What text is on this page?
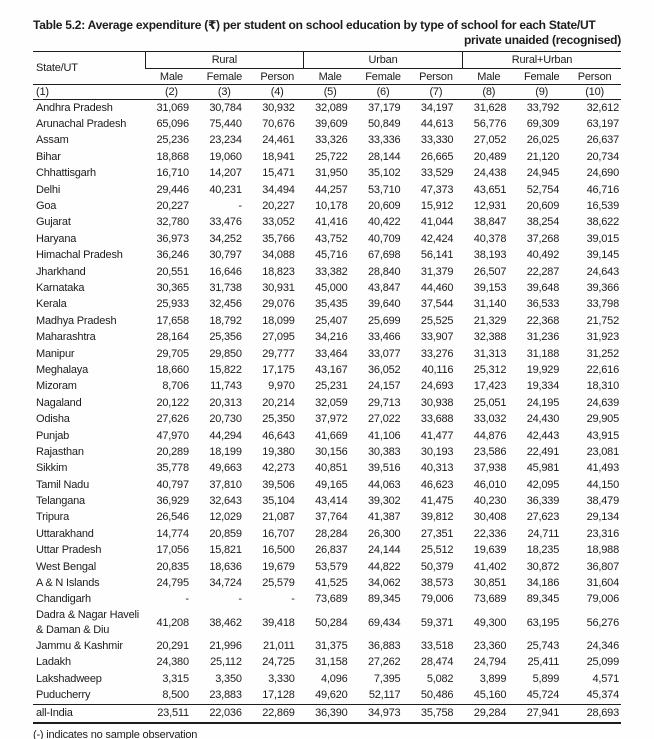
Table 5.2: Average expenditure (₹) per student on school education by type of school for each State/UT
private unaided (recognised)
State/UT	Rural			Urban			Rural+Urban		
	Male	Female	Person	Male	Female	Person	Male	Female	Person
(1)	(2)	(3)	(4)	(5)	(6)	(7)	(8)	(9)	(10)
Andhra Pradesh	31,069	30,784	30,932	32,089	37,179	34,197	31,628	33,792	32,612
Arunachal Pradesh	65,096	75,440	70,676	39,609	50,849	44,613	56,776	69,309	63,197
Assam	25,236	23,234	24,461	33,326	33,336	33,330	27,052	26,025	26,637
Bihar	18,868	19,060	18,941	25,722	28,144	26,665	20,489	21,120	20,734
Chhattisgarh	16,710	14,207	15,471	31,950	35,102	33,529	24,438	24,945	24,690
Delhi	29,446	40,231	34,494	44,257	53,710	47,373	43,651	52,754	46,716
Goa	20,227	-	20,227	10,178	20,609	15,912	12,931	20,609	16,539
Gujarat	32,780	33,476	33,052	41,416	40,422	41,044	38,847	38,254	38,622
Haryana	36,973	34,252	35,766	43,752	40,709	42,424	40,378	37,268	39,015
Himachal Pradesh	36,246	30,797	34,088	45,716	67,698	56,141	38,193	40,492	39,145
Jharkhand	20,551	16,646	18,823	33,382	28,840	31,379	26,507	22,287	24,643
Karnataka	30,365	31,738	30,931	45,000	43,847	44,460	39,153	39,648	39,366
Kerala	25,933	32,456	29,076	35,435	39,640	37,544	31,140	36,533	33,798
Madhya Pradesh	17,658	18,792	18,099	25,407	25,699	25,525	21,329	22,368	21,752
Maharashtra	28,164	25,356	27,095	34,216	33,466	33,907	32,388	31,236	31,923
Manipur	29,705	29,850	29,777	33,464	33,077	33,276	31,313	31,188	31,252
Meghalaya	18,660	15,822	17,175	43,167	36,052	40,116	25,312	19,929	22,616
Mizoram	8,706	11,743	9,970	25,231	24,157	24,693	17,423	19,334	18,310
Nagaland	20,122	20,313	20,214	32,059	29,713	30,938	25,051	24,195	24,639
Odisha	27,626	20,730	25,350	37,972	27,022	33,688	33,032	24,430	29,905
Punjab	47,970	44,294	46,643	41,669	41,106	41,477	44,876	42,443	43,915
Rajasthan	20,289	18,199	19,380	30,156	30,383	30,193	23,586	22,491	23,081
Sikkim	35,778	49,663	42,273	40,851	39,516	40,313	37,938	45,981	41,493
Tamil Nadu	40,797	37,810	39,506	49,165	44,063	46,623	46,010	42,095	44,150
Telangana	36,929	32,643	35,104	43,414	39,302	41,475	40,230	36,339	38,479
Tripura	26,546	12,029	21,087	37,764	41,387	39,812	30,408	27,623	29,134
Uttarakhand	14,774	20,859	16,707	28,284	26,300	27,351	22,336	24,711	23,316
Uttar Pradesh	17,056	15,821	16,500	26,837	24,144	25,512	19,639	18,235	18,988
West Bengal	20,835	18,636	19,679	53,579	44,822	50,379	41,402	30,872	36,807
A & N Islands	24,795	34,724	25,579	41,525	34,062	38,573	30,851	34,186	31,604
Chandigarh	-	-	-	73,689	89,345	79,006	73,689	89,345	79,006
Dadra & Nagar Haveli & Daman & Diu	41,208	38,462	39,418	50,284	69,434	59,371	49,300	63,195	56,276
Jammu & Kashmir	20,291	21,996	21,011	31,375	36,883	33,518	23,360	25,743	24,346
Ladakh	24,380	25,112	24,725	31,158	27,262	28,474	24,794	25,411	25,099
Lakshadweep	3,315	3,350	3,330	4,096	7,395	5,082	3,899	5,899	4,571
Puducherry	8,500	23,883	17,128	49,620	52,117	50,486	45,160	45,724	45,374
all-India	23,511	22,036	22,869	36,390	34,973	35,758	29,284	27,941	28,693
(-) indicates no sample observation
